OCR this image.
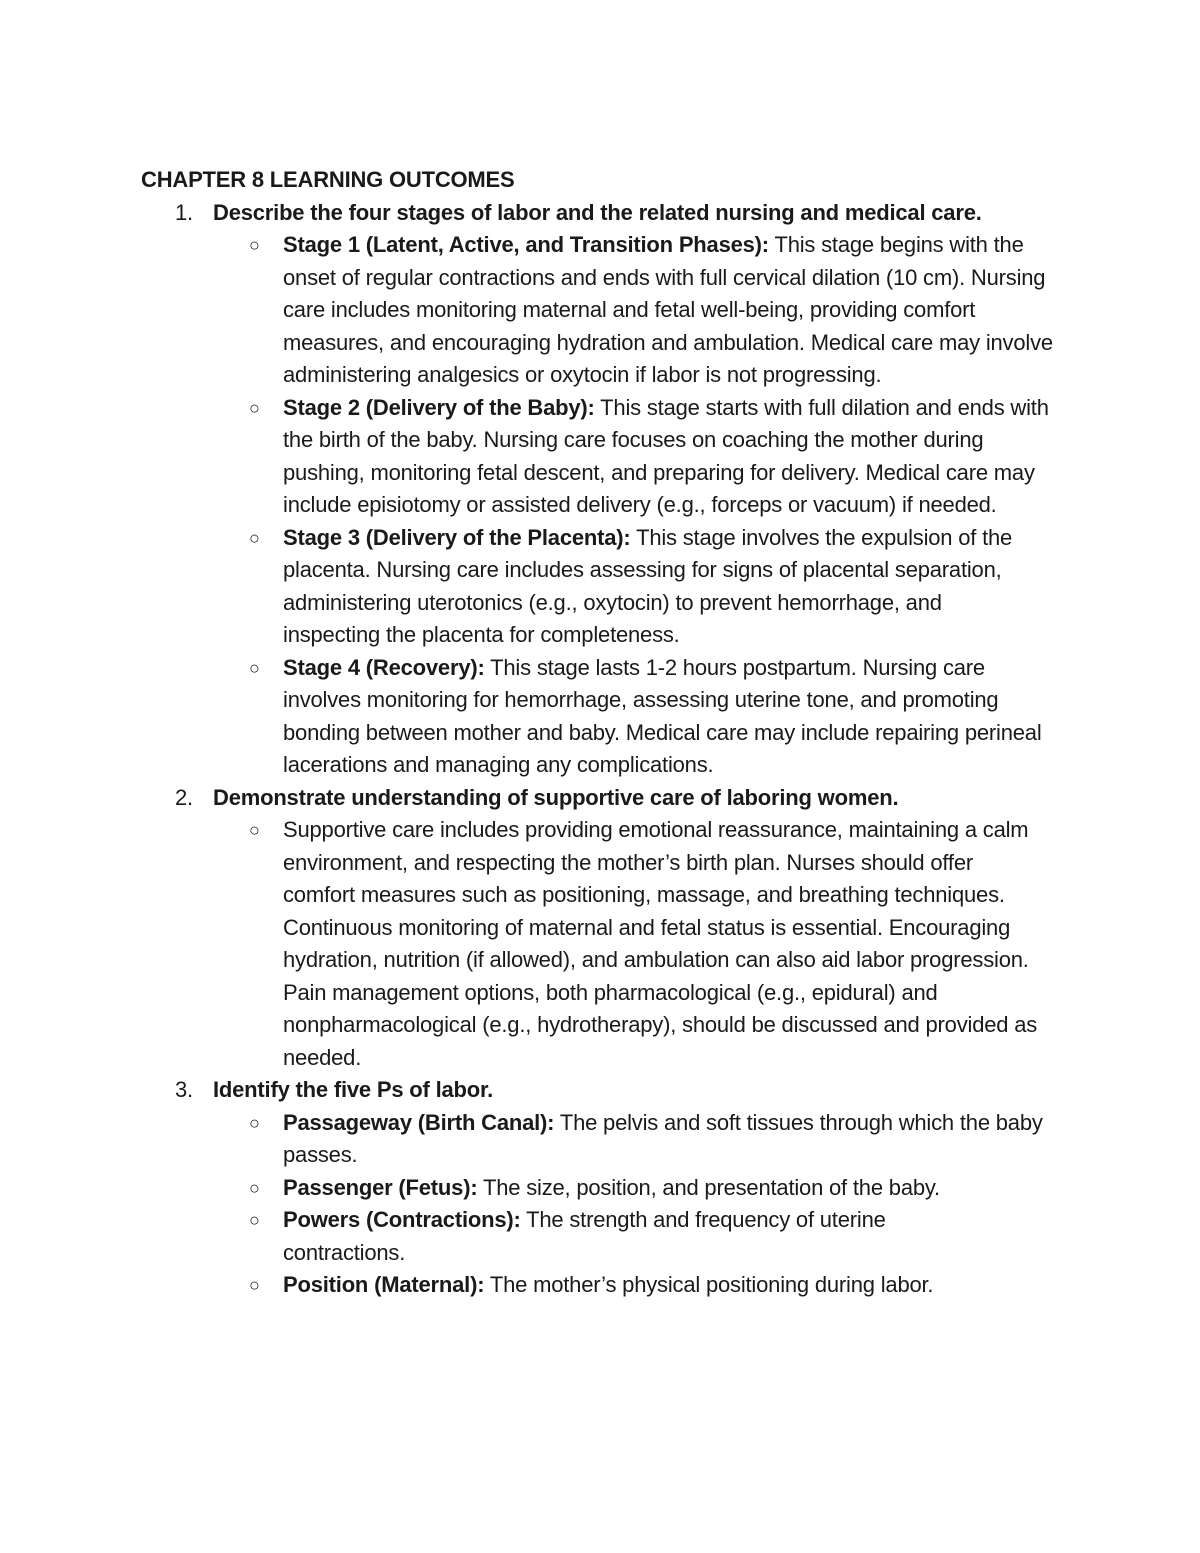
CHAPTER 8 LEARNING OUTCOMES

1. Describe the four stages of labor and the related nursing and medical care.
○ Stage 1 (Latent, Active, and Transition Phases): This stage begins with the onset of regular contractions and ends with full cervical dilation (10 cm). Nursing care includes monitoring maternal and fetal well-being, providing comfort measures, and encouraging hydration and ambulation. Medical care may involve administering analgesics or oxytocin if labor is not progressing.
○ Stage 2 (Delivery of the Baby): This stage starts with full dilation and ends with the birth of the baby. Nursing care focuses on coaching the mother during pushing, monitoring fetal descent, and preparing for delivery. Medical care may include episiotomy or assisted delivery (e.g., forceps or vacuum) if needed.
○ Stage 3 (Delivery of the Placenta): This stage involves the expulsion of the placenta. Nursing care includes assessing for signs of placental separation, administering uterotonics (e.g., oxytocin) to prevent hemorrhage, and inspecting the placenta for completeness.
○ Stage 4 (Recovery): This stage lasts 1-2 hours postpartum. Nursing care involves monitoring for hemorrhage, assessing uterine tone, and promoting bonding between mother and baby. Medical care may include repairing perineal lacerations and managing any complications.
2. Demonstrate understanding of supportive care of laboring women.
○ Supportive care includes providing emotional reassurance, maintaining a calm environment, and respecting the mother’s birth plan. Nurses should offer comfort measures such as positioning, massage, and breathing techniques. Continuous monitoring of maternal and fetal status is essential. Encouraging hydration, nutrition (if allowed), and ambulation can also aid labor progression. Pain management options, both pharmacological (e.g., epidural) and nonpharmacological (e.g., hydrotherapy), should be discussed and provided as needed.
3. Identify the five Ps of labor.
○ Passageway (Birth Canal): The pelvis and soft tissues through which the baby passes.
○ Passenger (Fetus): The size, position, and presentation of the baby.
○ Powers (Contractions): The strength and frequency of uterine contractions.
○ Position (Maternal): The mother’s physical positioning during labor.
